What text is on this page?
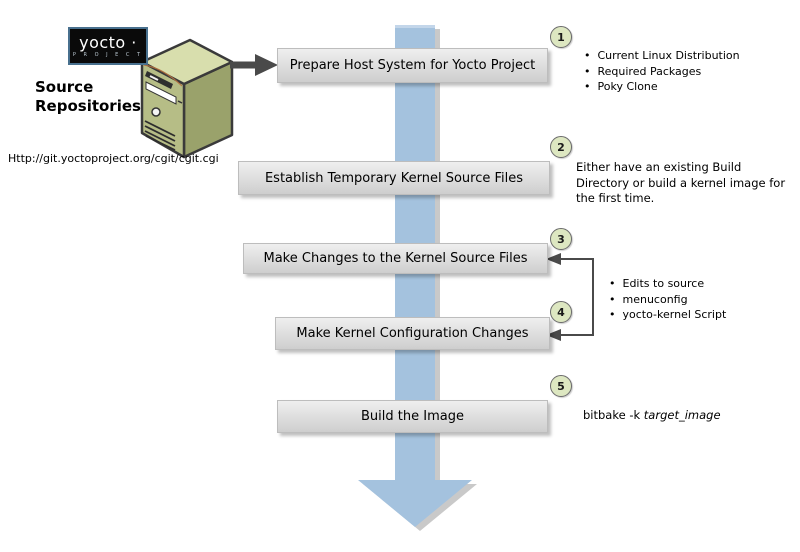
yocto ·
P R O J E C T
Source
Repositories
Http://git.yoctoproject.org/cgit/cgit.cgi
Prepare Host System for Yocto Project
Establish Temporary Kernel Source Files
Make Changes to the Kernel Source Files
Make Kernel Configuration Changes
Build the Image
1
2
3
4
5
• Current Linux Distribution
• Required Packages
• Poky Clone
Either have an existing Build
Directory or build a kernel image for
the first time.
• Edits to source
• menuconfig
• yocto-kernel Script
bitbake -k target_image
